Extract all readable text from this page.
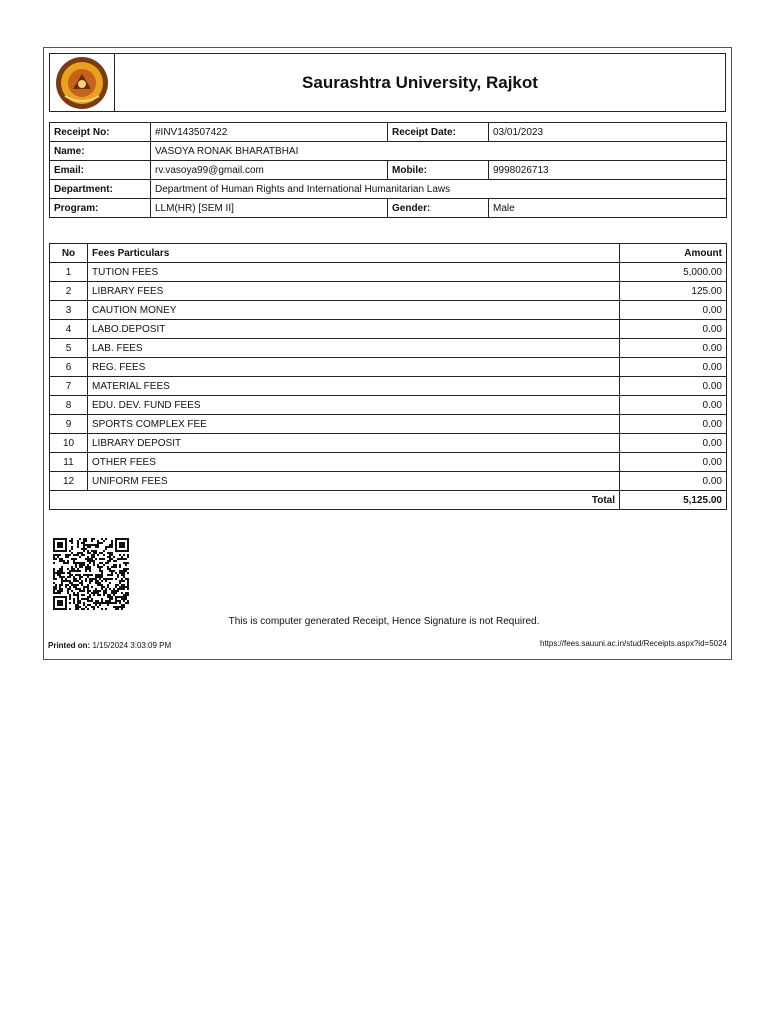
Saurashtra University, Rajkot
Receipt No:	#INV143507422	Receipt Date:	03/01/2023
Name:	VASOYA RONAK BHARATBHAI		
Email:	rv.vasoya99@gmail.com	Mobile:	9998026713
Department:	Department of Human Rights and International Humanitarian Laws		
Program:	LLM(HR) [SEM II]	Gender:	Male
No	Fees Particulars	Amount
1	TUTION FEES	5,000.00
2	LIBRARY FEES	125.00
3	CAUTION MONEY	0.00
4	LABO.DEPOSIT	0.00
5	LAB. FEES	0.00
6	REG. FEES	0.00
7	MATERIAL FEES	0.00
8	EDU. DEV. FUND FEES	0.00
9	SPORTS COMPLEX FEE	0.00
10	LIBRARY DEPOSIT	0.00
11	OTHER FEES	0.00
12	UNIFORM FEES	0.00
Total		5,125.00
This is computer generated Receipt, Hence Signature is not Required.
Printed on: 1/15/2024 3:03:09 PM	https://fees.sauuni.ac.in/stud/Receipts.aspx?id=5024
